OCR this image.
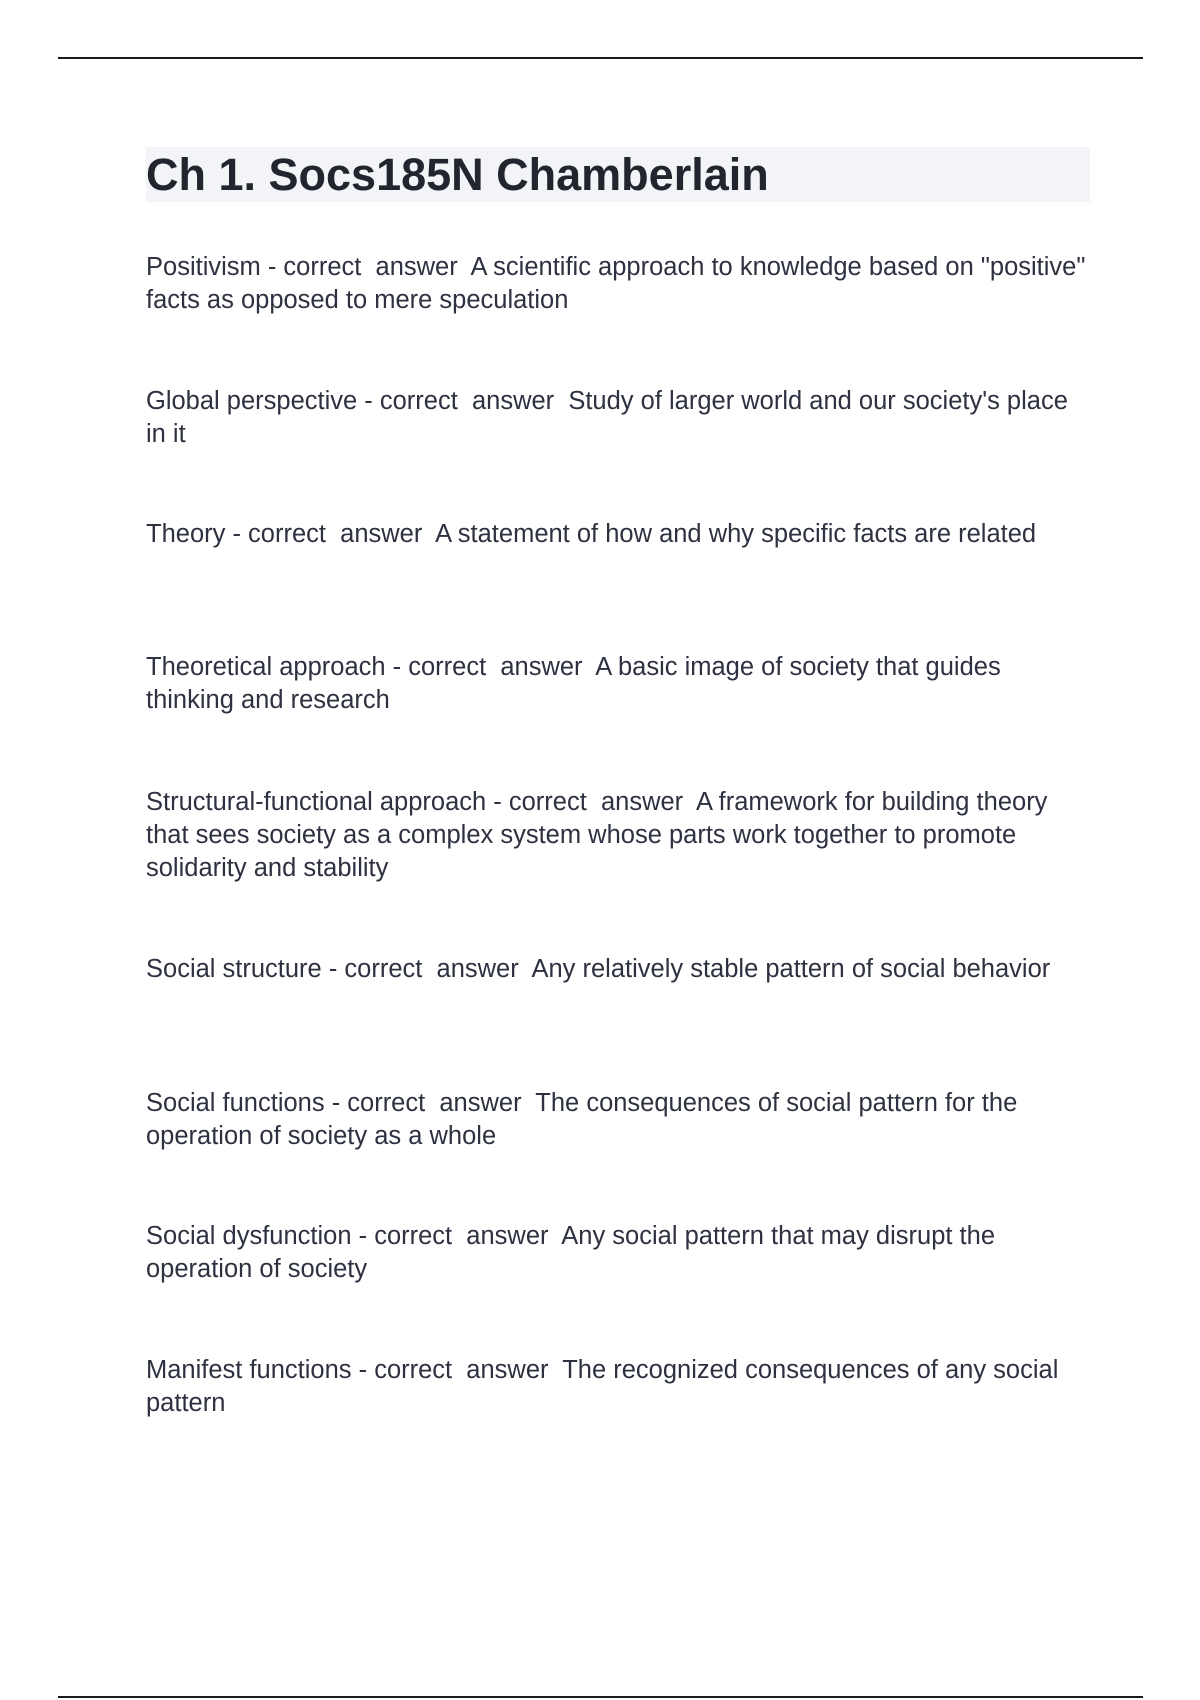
Ch 1. Socs185N Chamberlain

Positivism - correct  answer  A scientific approach to knowledge based on "positive" facts as opposed to mere speculation

Global perspective - correct  answer  Study of larger world and our society's place in it

Theory - correct  answer  A statement of how and why specific facts are related

Theoretical approach - correct  answer  A basic image of society that guides thinking and research

Structural-functional approach - correct  answer  A framework for building theory that sees society as a complex system whose parts work together to promote solidarity and stability

Social structure - correct  answer  Any relatively stable pattern of social behavior

Social functions - correct  answer  The consequences of social pattern for the operation of society as a whole

Social dysfunction - correct  answer  Any social pattern that may disrupt the operation of society

Manifest functions - correct  answer  The recognized consequences of any social pattern
